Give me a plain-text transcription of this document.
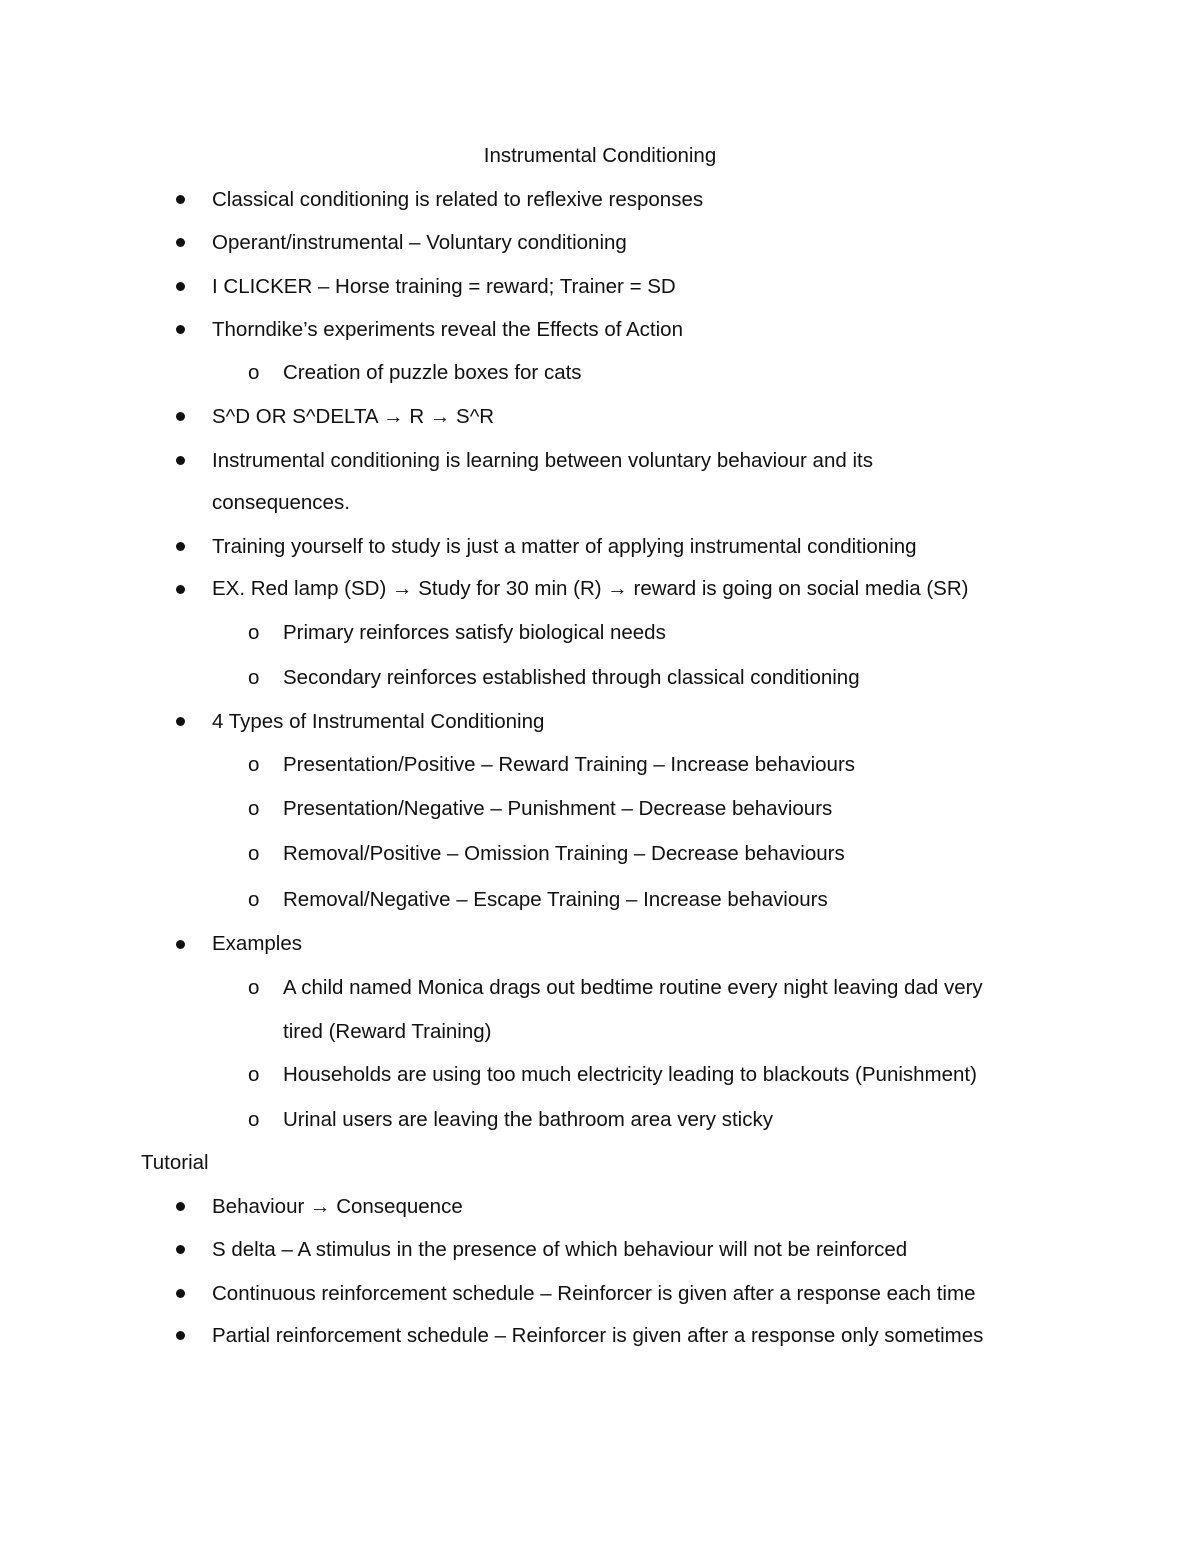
Instrumental Conditioning
Classical conditioning is related to reflexive responses
Operant/instrumental – Voluntary conditioning
I CLICKER – Horse training = reward; Trainer = SD
Thorndike’s experiments reveal the Effects of Action
o Creation of puzzle boxes for cats
S^D OR S^DELTA → R → S^R
Instrumental conditioning is learning between voluntary behaviour and its
consequences.
Training yourself to study is just a matter of applying instrumental conditioning
EX. Red lamp (SD) → Study for 30 min (R) → reward is going on social media (SR)
o Primary reinforces satisfy biological needs
o Secondary reinforces established through classical conditioning
4 Types of Instrumental Conditioning
o Presentation/Positive – Reward Training – Increase behaviours
o Presentation/Negative – Punishment – Decrease behaviours
o Removal/Positive – Omission Training – Decrease behaviours
o Removal/Negative – Escape Training – Increase behaviours
Examples
o A child named Monica drags out bedtime routine every night leaving dad very
tired (Reward Training)
o Households are using too much electricity leading to blackouts (Punishment)
o Urinal users are leaving the bathroom area very sticky
Tutorial
Behaviour → Consequence
S delta – A stimulus in the presence of which behaviour will not be reinforced
Continuous reinforcement schedule – Reinforcer is given after a response each time
Partial reinforcement schedule – Reinforcer is given after a response only sometimes
